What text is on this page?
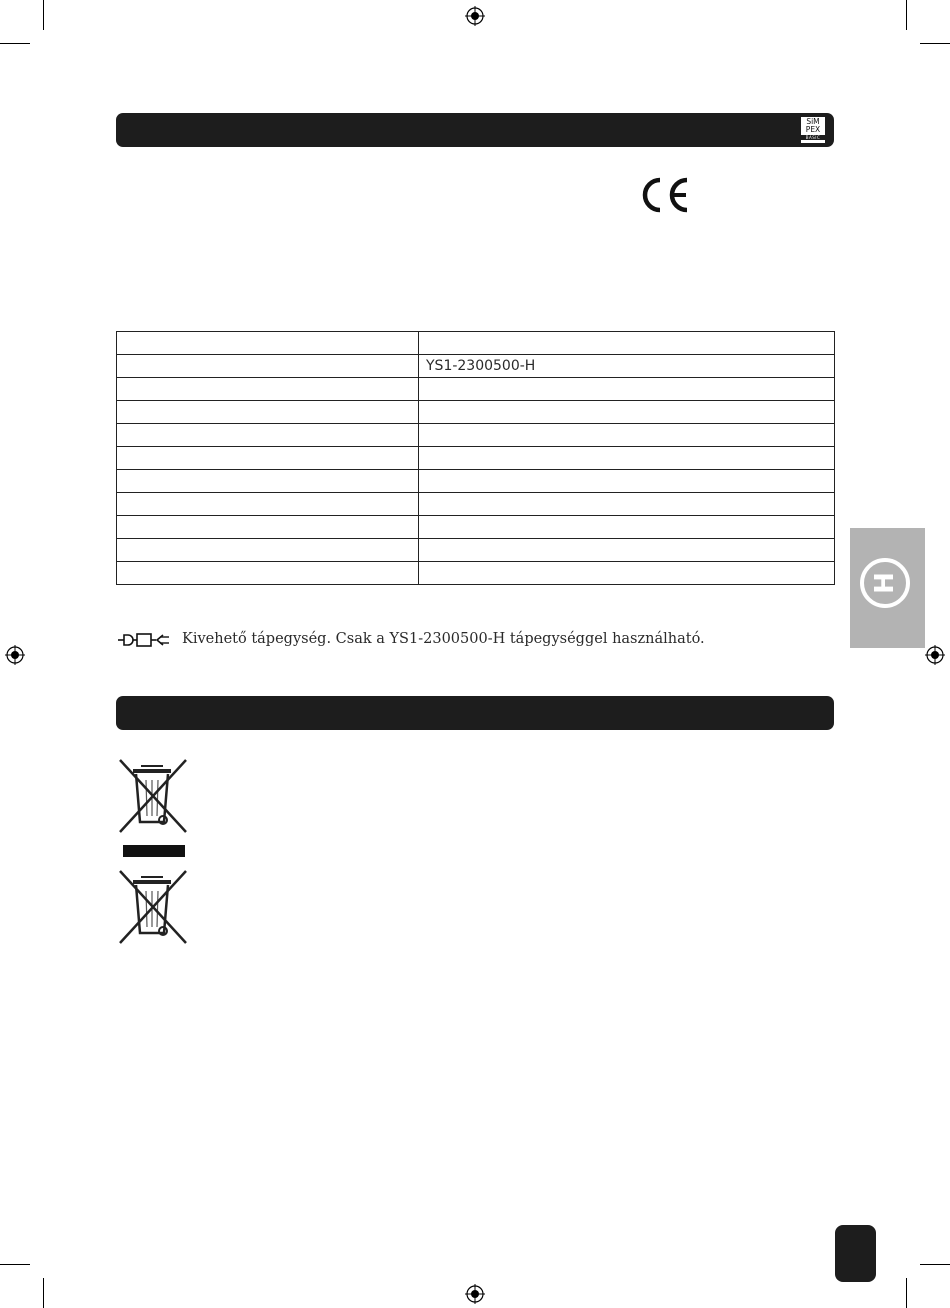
SiM
PEX
BASIC

	YS1-2300500-H

Kivehető tápegység. Csak a YS1-2300500-H tápegységgel használható.
H
